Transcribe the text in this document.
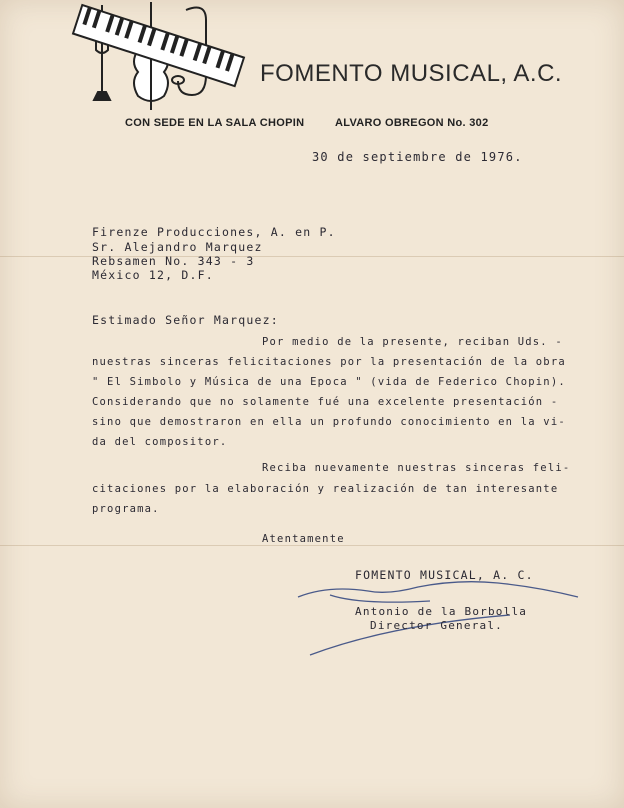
FOMENTO MUSICAL, A.C.
CON SEDE EN LA SALA CHOPIN	ALVARO OBREGON No. 302
30 de septiembre de 1976.
Firenze Producciones, A. en P.
Sr. Alejandro Marquez
Rebsamen No. 343 - 3
México 12, D.F.
Estimado Señor Marquez:
Por medio de la presente, reciban Uds. -
nuestras sinceras felicitaciones por la presentación de la obra
" El Simbolo y Música de una Epoca " (vida de Federico Chopin).
Considerando que no solamente fué una excelente presentación -
sino que demostraron en ella un profundo conocimiento en la vi-
da del compositor.
Reciba nuevamente nuestras sinceras feli-
citaciones por la elaboración y realización de tan interesante
programa.
Atentamente
FOMENTO MUSICAL, A. C.
Antonio de la Borbolla
Director General.
